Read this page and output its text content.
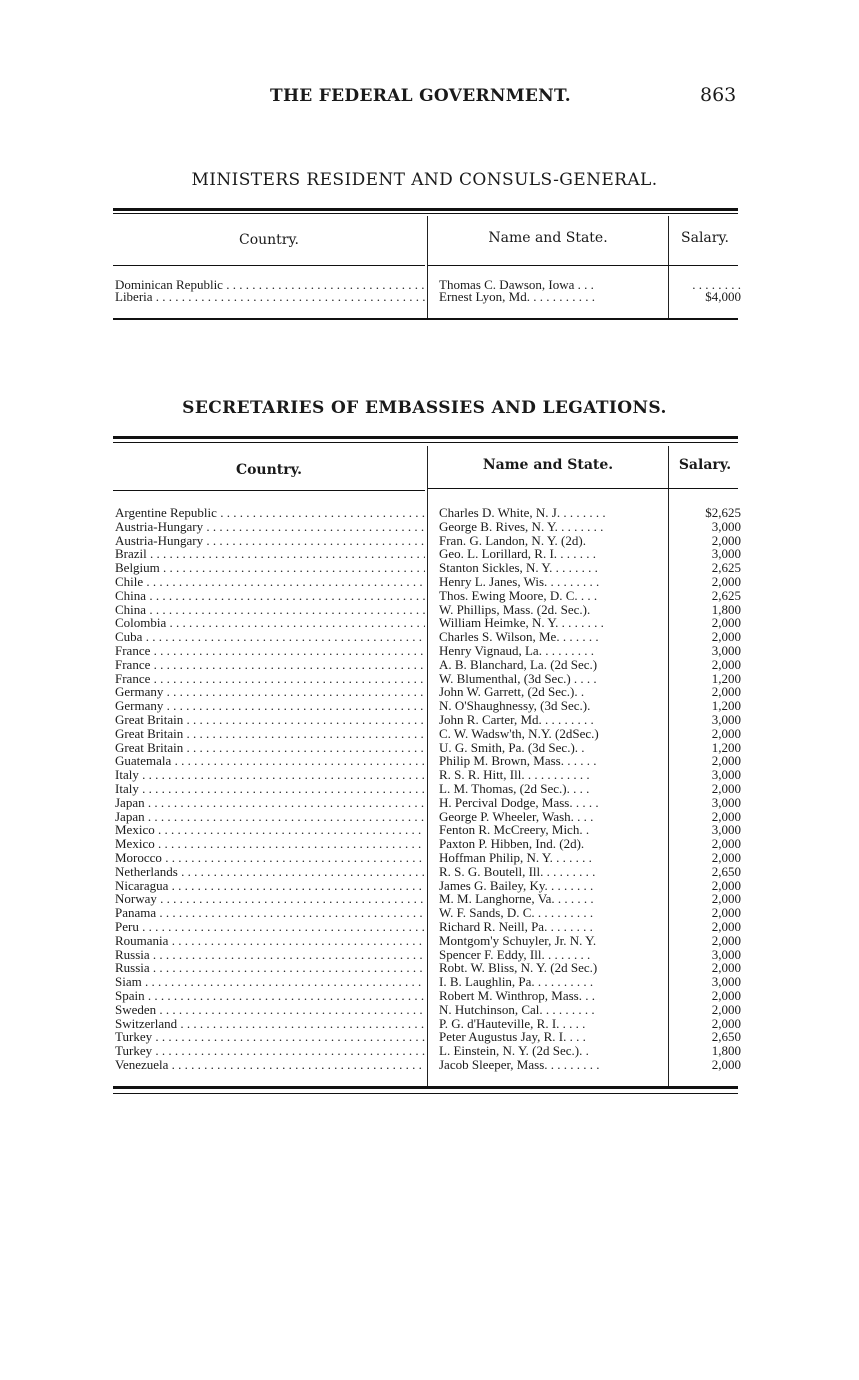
THE FEDERAL GOVERNMENT.	863
MINISTERS RESIDENT AND CONSULS-GENERAL.
Country.	Name and State.	Salary.
Dominican Republic . . .	Thomas C. Dawson, Iowa . . .	. . . . . . . .
Liberia . . .	Ernest Lyon, Md. . . . . . . . . . .	$4,000
SECRETARIES OF EMBASSIES AND LEGATIONS.
Country.	Name and State.	Salary.
Argentine Republic . . .	Charles D. White, N. J. . . . . . . .	$2,625
Austria-Hungary . . .	George B. Rives, N. Y. . . . . . . .	3,000
Austria-Hungary . . .	Fran. G. Landon, N. Y. (2d).	2,000
Brazil . . .	Geo. L. Lorillard, R. I. . . . . . .	3,000
Belgium . . .	Stanton Sickles, N. Y. . . . . . . .	2,625
Chile . . .	Henry L. Janes, Wis. . . . . . . . .	2,000
China . . .	Thos. Ewing Moore, D. C. . . .	2,625
China . . .	W. Phillips, Mass. (2d. Sec.).	1,800
Colombia . . .	William Heimke, N. Y. . . . . . . .	2,000
Cuba . . .	Charles S. Wilson, Me. . . . . . .	2,000
France . . .	Henry Vignaud, La. . . . . . . . .	3,000
France . . .	A. B. Blanchard, La. (2d Sec.)	2,000
France . . .	W. Blumenthal, (3d Sec.) . . . .	1,200
Germany . . .	John W. Garrett, (2d Sec.). .	2,000
Germany . . .	N. O'Shaughnessy, (3d Sec.).	1,200
Great Britain . . .	John R. Carter, Md. . . . . . . . .	3,000
Great Britain . . .	C. W. Wadsw'th, N.Y. (2dSec.)	2,000
Great Britain . . .	U. G. Smith, Pa. (3d Sec.). .	1,200
Guatemala . . .	Philip M. Brown, Mass. . . . . .	2,000
Italy . . .	R. S. R. Hitt, Ill. . . . . . . . . . .	3,000
Italy . . .	L. M. Thomas, (2d Sec.). . . .	2,000
Japan . . .	H. Percival Dodge, Mass. . . . .	3,000
Japan . . .	George P. Wheeler, Wash. . . .	2,000
Mexico . . .	Fenton R. McCreery, Mich. .	3,000
Mexico . . .	Paxton P. Hibben, Ind. (2d).	2,000
Morocco . . .	Hoffman Philip, N. Y. . . . . . .	2,000
Netherlands . . .	R. S. G. Boutell, Ill. . . . . . . . .	2,650
Nicaragua . . .	James G. Bailey, Ky. . . . . . . .	2,000
Norway . . .	M. M. Langhorne, Va. . . . . . .	2,000
Panama . . .	W. F. Sands, D. C. . . . . . . . . .	2,000
Peru . . .	Richard R. Neill, Pa. . . . . . . .	2,000
Roumania . . .	Montgom'y Schuyler, Jr. N. Y.	2,000
Russia . . .	Spencer F. Eddy, Ill. . . . . . . .	3,000
Russia . . .	Robt. W. Bliss, N. Y. (2d Sec.)	2,000
Siam . . .	I. B. Laughlin, Pa. . . . . . . . . .	3,000
Spain . . .	Robert M. Winthrop, Mass. . .	2,000
Sweden . . .	N. Hutchinson, Cal. . . . . . . . .	2,000
Switzerland . . .	P. G. d'Hauteville, R. I. . . . .	2,000
Turkey . . .	Peter Augustus Jay, R. I. . . .	2,650
Turkey . . .	L. Einstein, N. Y. (2d Sec.). .	1,800
Venezuela . . .	Jacob Sleeper, Mass. . . . . . . . .	2,000
